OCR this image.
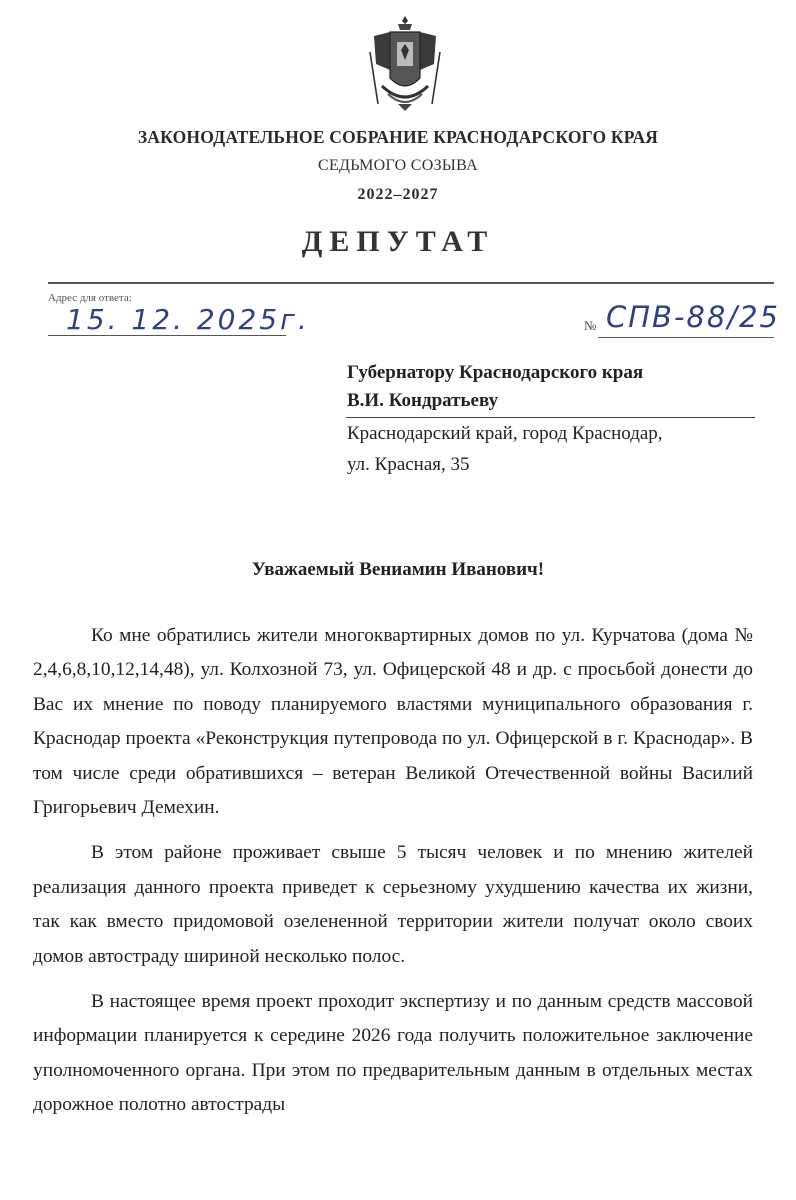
ЗАКОНОДАТЕЛЬНОЕ СОБРАНИЕ КРАСНОДАРСКОГО КРАЯ
СЕДЬМОГО СОЗЫВА
2022–2027
ДЕПУТАТ
Адрес для ответа:
15. 12. 2025г.	№ СПВ-88/25
Губернатору Краснодарского края
В.И. Кондратьеву
Краснодарский край, город Краснодар,
ул. Красная, 35
Уважаемый Вениамин Иванович!

Ко мне обратились жители многоквартирных домов по ул. Курчатова (дома № 2,4,6,8,10,12,14,48), ул. Колхозной 73, ул. Офицерской 48 и др. с просьбой донести до Вас их мнение по поводу планируемого властями муниципального образования г. Краснодар проекта «Реконструкция путепровода по ул. Офицерской в г. Краснодар». В том числе среди обратившихся – ветеран Великой Отечественной войны Василий Григорьевич Демехин.

В этом районе проживает свыше 5 тысяч человек и по мнению жителей реализация данного проекта приведет к серьезному ухудшению качества их жизни, так как вместо придомовой озелененной территории жители получат около своих домов автостраду шириной несколько полос.

В настоящее время проект проходит экспертизу и по данным средств массовой информации планируется к середине 2026 года получить положительное заключение уполномоченного органа. При этом по предварительным данным в отдельных местах дорожное полотно автострады
